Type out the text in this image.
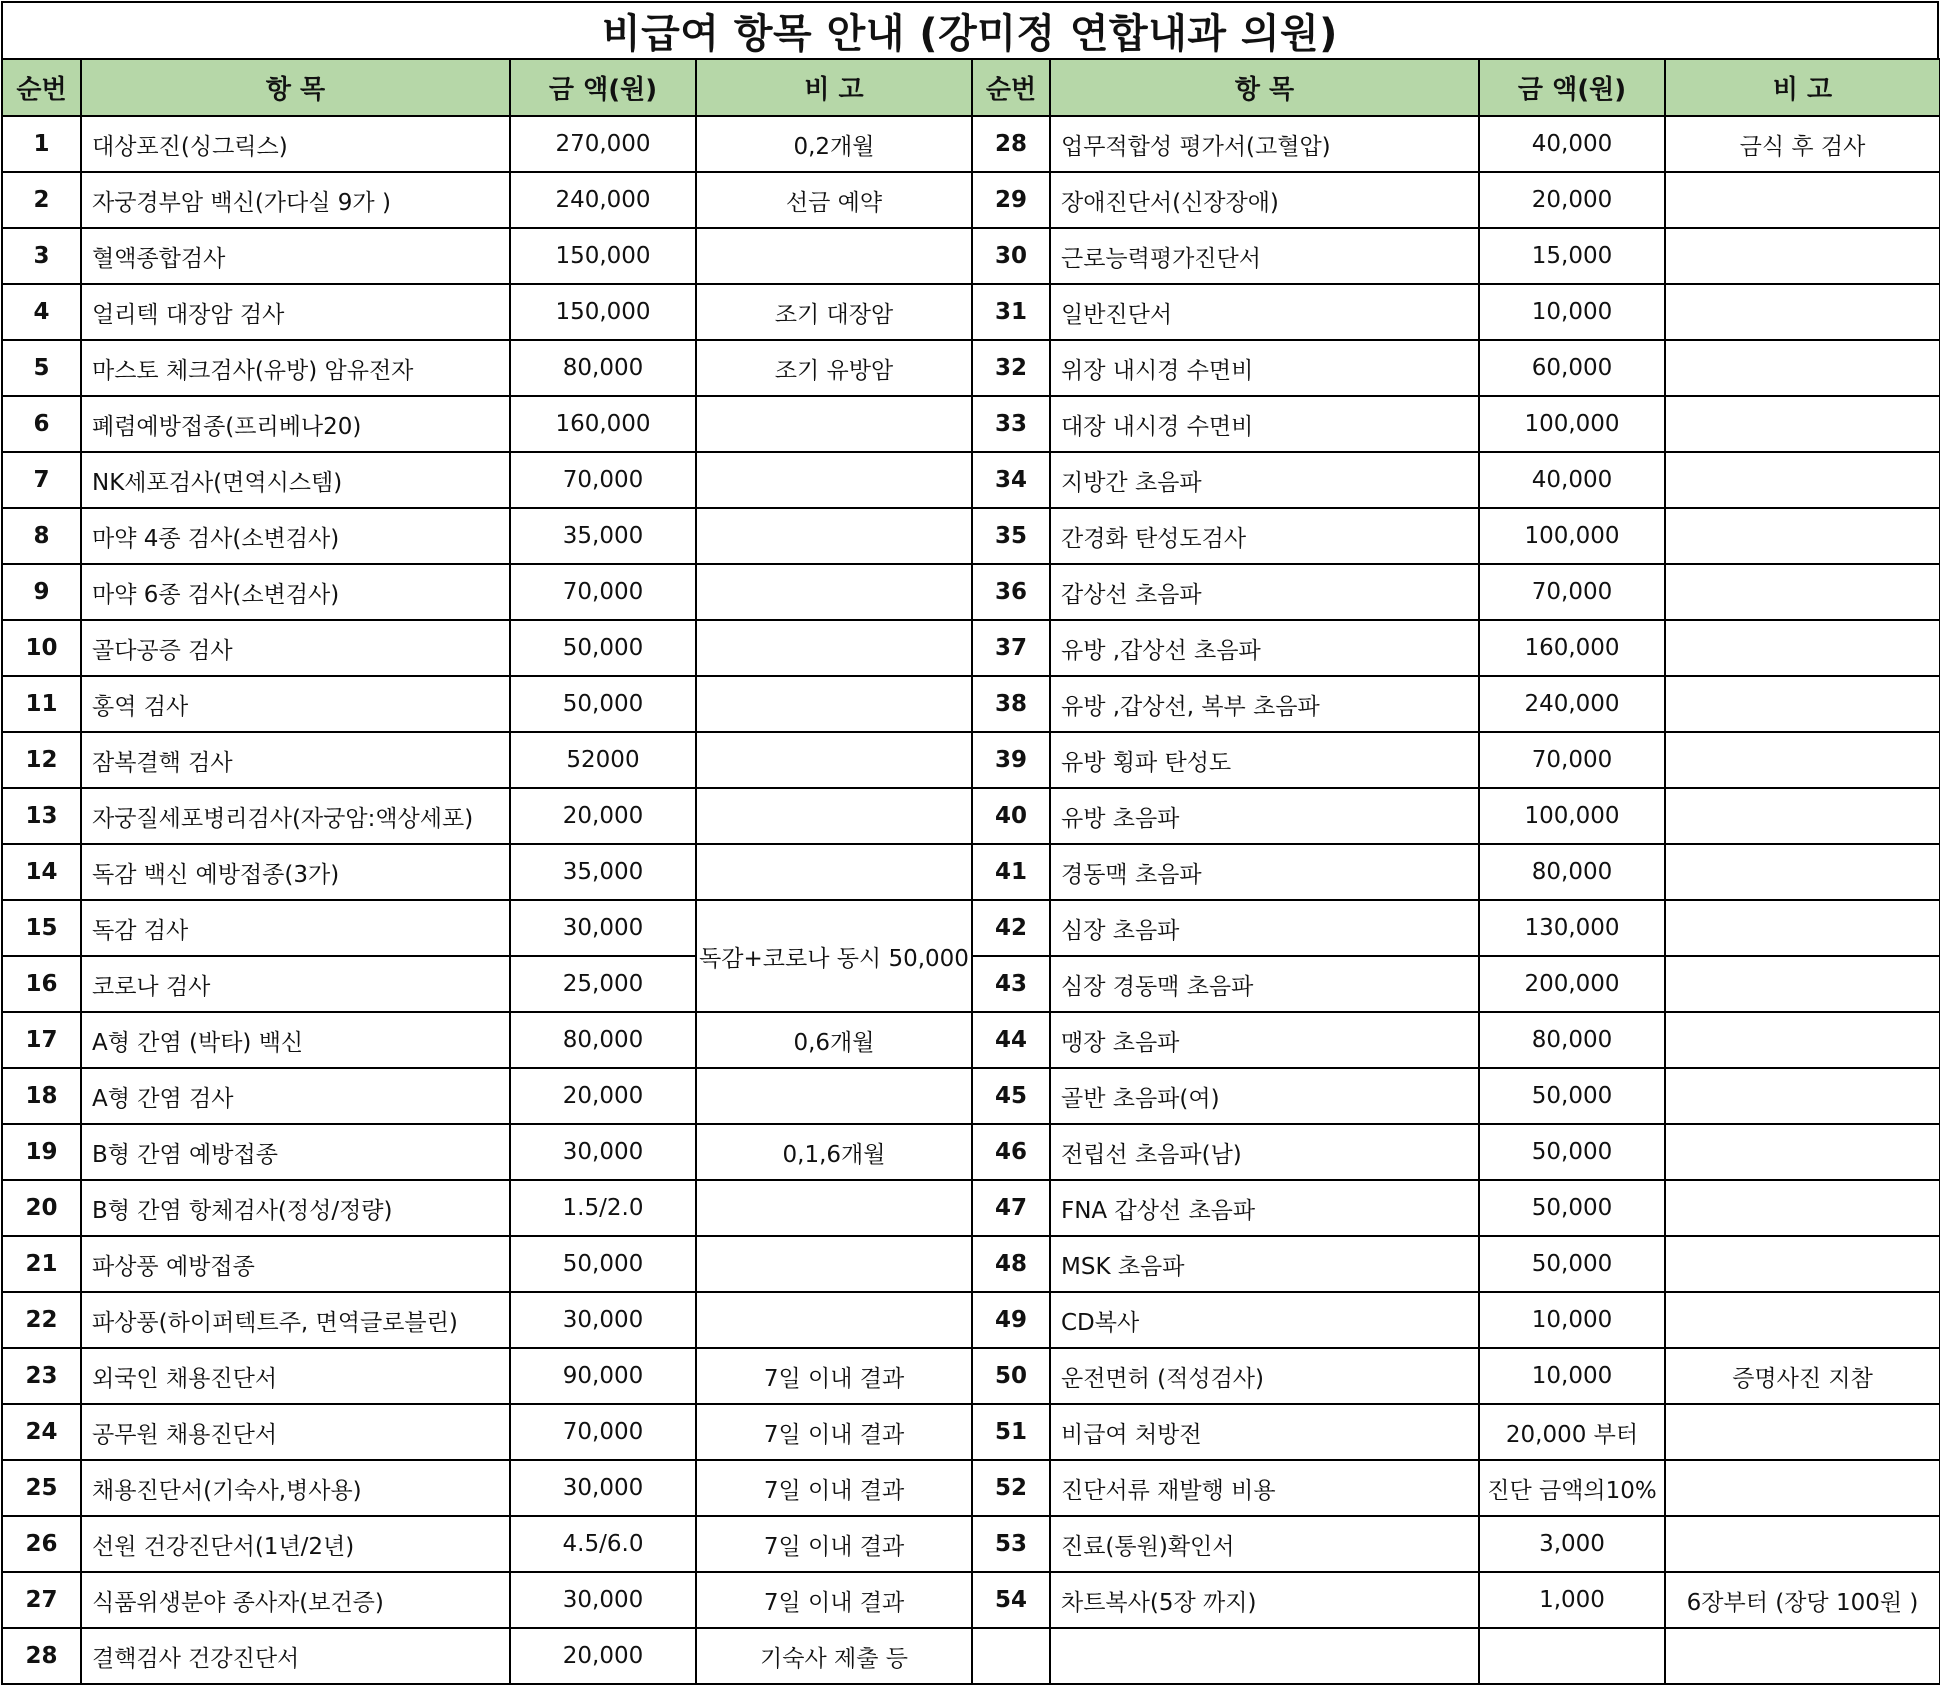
비급여 항목 안내 (강미정 연합내과 의원)
순번	항 목	금 액(원)	비 고	순번	항 목	금 액(원)	비 고
1	대상포진(싱그릭스)	270,000	0,2개월	28	업무적합성 평가서(고혈압)	40,000	금식 후 검사
2	자궁경부암 백신(가다실 9가 )	240,000	선금 예약	29	장애진단서(신장장애)	20,000	
3	혈액종합검사	150,000		30	근로능력평가진단서	15,000	
4	얼리텍 대장암 검사	150,000	조기 대장암	31	일반진단서	10,000	
5	마스토 체크검사(유방) 암유전자	80,000	조기 유방암	32	위장 내시경 수면비	60,000	
6	폐렴예방접종(프리베나20)	160,000		33	대장 내시경 수면비	100,000	
7	NK세포검사(면역시스템)	70,000		34	지방간 초음파	40,000	
8	마약 4종 검사(소변검사)	35,000		35	간경화 탄성도검사	100,000	
9	마약 6종 검사(소변검사)	70,000		36	갑상선 초음파	70,000	
10	골다공증 검사	50,000		37	유방 ,갑상선 초음파	160,000	
11	홍역 검사	50,000		38	유방 ,갑상선, 복부 초음파	240,000	
12	잠복결핵 검사	52000		39	유방 횡파 탄성도	70,000	
13	자궁질세포병리검사(자궁암:액상세포)	20,000		40	유방 초음파	100,000	
14	독감 백신 예방접종(3가)	35,000		41	경동맥 초음파	80,000	
15	독감 검사	30,000	독감+코로나 동시 50,000	42	심장 초음파	130,000	
16	코로나 검사	25,000		43	심장 경동맥 초음파	200,000	
17	A형 간염 (박타) 백신	80,000	0,6개월	44	맹장 초음파	80,000	
18	A형 간염 검사	20,000		45	골반 초음파(여)	50,000	
19	B형 간염 예방접종	30,000	0,1,6개월	46	전립선 초음파(남)	50,000	
20	B형 간염 항체검사(정성/정량)	1.5/2.0		47	FNA 갑상선 초음파	50,000	
21	파상풍 예방접종	50,000		48	MSK 초음파	50,000	
22	파상풍(하이퍼텍트주, 면역글로블린)	30,000		49	CD복사	10,000	
23	외국인 채용진단서	90,000	7일 이내 결과	50	운전면허 (적성검사)	10,000	증명사진 지참
24	공무원 채용진단서	70,000	7일 이내 결과	51	비급여 처방전	20,000 부터	
25	채용진단서(기숙사,병사용)	30,000	7일 이내 결과	52	진단서류 재발행 비용	진단 금액의10%	
26	선원 건강진단서(1년/2년)	4.5/6.0	7일 이내 결과	53	진료(통원)확인서	3,000	
27	식품위생분야 종사자(보건증)	30,000	7일 이내 결과	54	차트복사(5장 까지)	1,000	6장부터 (장당 100원 )
28	결핵검사 건강진단서	20,000	기숙사 제출 등				
